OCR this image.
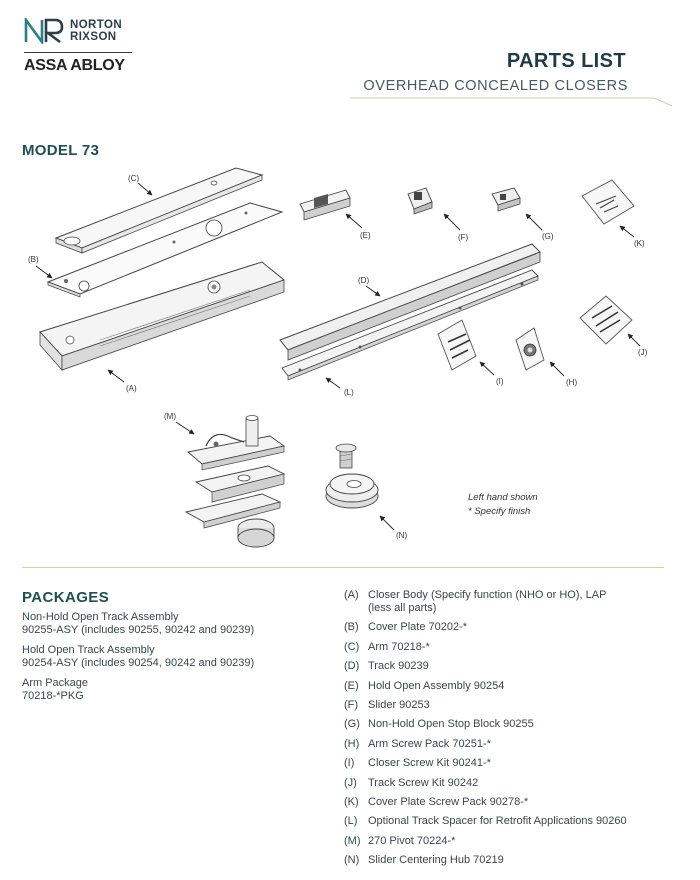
NORTON
RIXSON
ASSA ABLOY	PARTS LIST
OVERHEAD CONCEALED CLOSERS
MODEL 73
(C)
(B)
(A)
(E)	(F)	(G)
(K)
(D)
(L)
(I)	(H)
(J)
(M)
(N)
Left hand shown
* Specify finish
PACKAGES
Non-Hold Open Track Assembly
90255-ASY (includes 90255, 90242 and 90239)
Hold Open Track Assembly
90254-ASY (includes 90254, 90242 and 90239)
Arm Package
70218-*PKG
(A) Closer Body (Specify function (NHO or HO), LAP (less all parts)
(B) Cover Plate 70202-*
(C) Arm 70218-*
(D) Track 90239
(E) Hold Open Assembly 90254
(F) Slider 90253
(G) Non-Hold Open Stop Block 90255
(H) Arm Screw Pack 70251-*
(I)	Closer Screw Kit 90241-*
(J)	Track Screw Kit 90242
(K) Cover Plate Screw Pack 90278-*
(L) Optional Track Spacer for Retrofit Applications 90260
(M) 270 Pivot 70224-*
(N) Slider Centering Hub 70219
